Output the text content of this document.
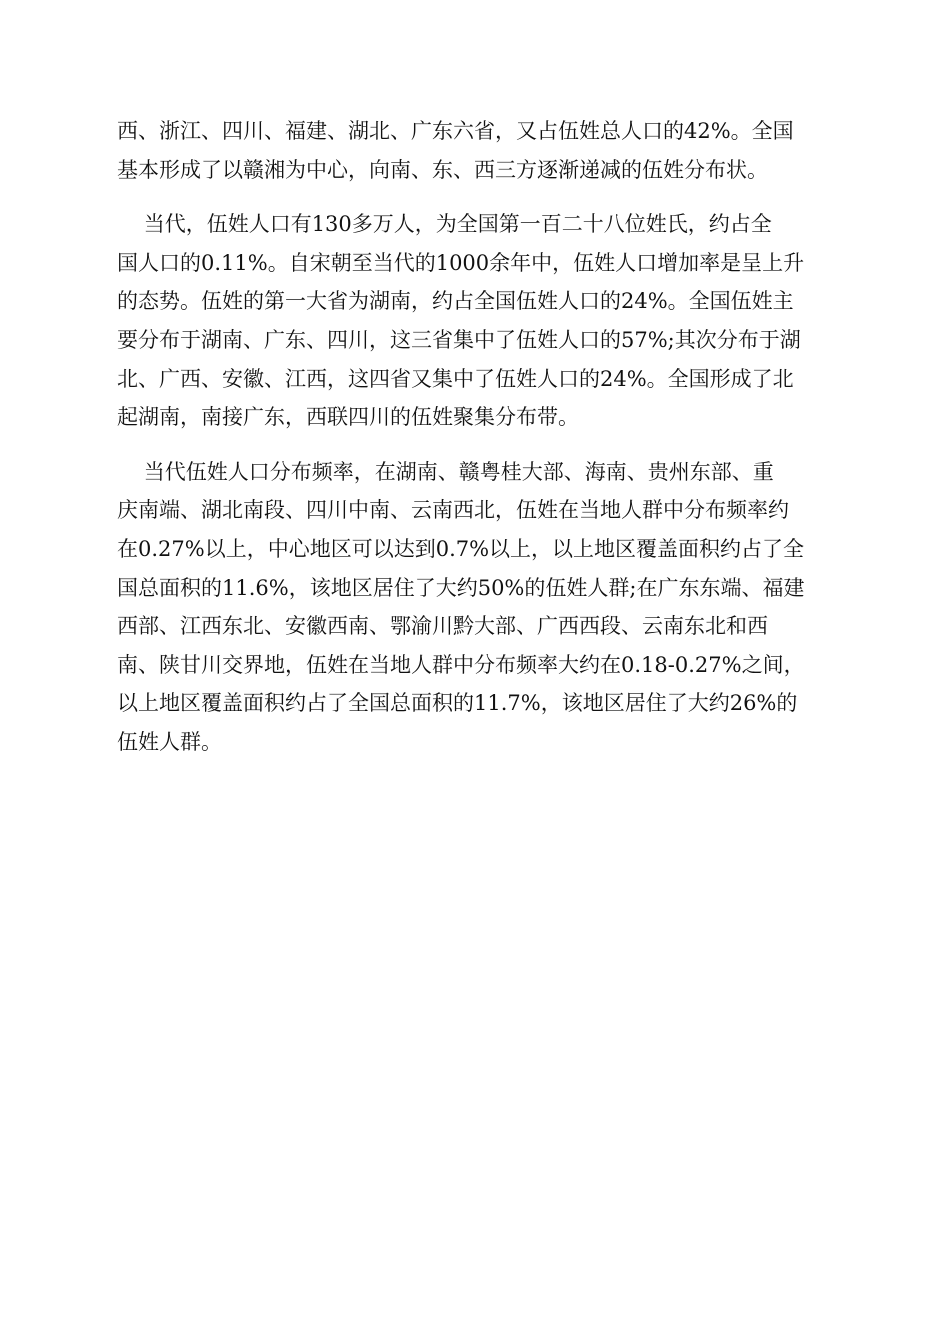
西、浙江、四川、福建、湖北、广东六省，又占伍姓总人口的42%。全国
基本形成了以赣湘为中心，向南、东、西三方逐渐递减的伍姓分布状。

当代，伍姓人口有130多万人，为全国第一百二十八位姓氏，约占全
国人口的0.11%。自宋朝至当代的1000余年中，伍姓人口增加率是呈上升
的态势。伍姓的第一大省为湖南，约占全国伍姓人口的24%。全国伍姓主
要分布于湖南、广东、四川，这三省集中了伍姓人口的57%;其次分布于湖
北、广西、安徽、江西，这四省又集中了伍姓人口的24%。全国形成了北
起湖南，南接广东，西联四川的伍姓聚集分布带。

当代伍姓人口分布频率，在湖南、赣粤桂大部、海南、贵州东部、重
庆南端、湖北南段、四川中南、云南西北，伍姓在当地人群中分布频率约
在0.27%以上，中心地区可以达到0.7%以上，以上地区覆盖面积约占了全
国总面积的11.6%，该地区居住了大约50%的伍姓人群;在广东东端、福建
西部、江西东北、安徽西南、鄂渝川黔大部、广西西段、云南东北和西
南、陕甘川交界地，伍姓在当地人群中分布频率大约在0.18-0.27%之间，
以上地区覆盖面积约占了全国总面积的11.7%，该地区居住了大约26%的
伍姓人群。
